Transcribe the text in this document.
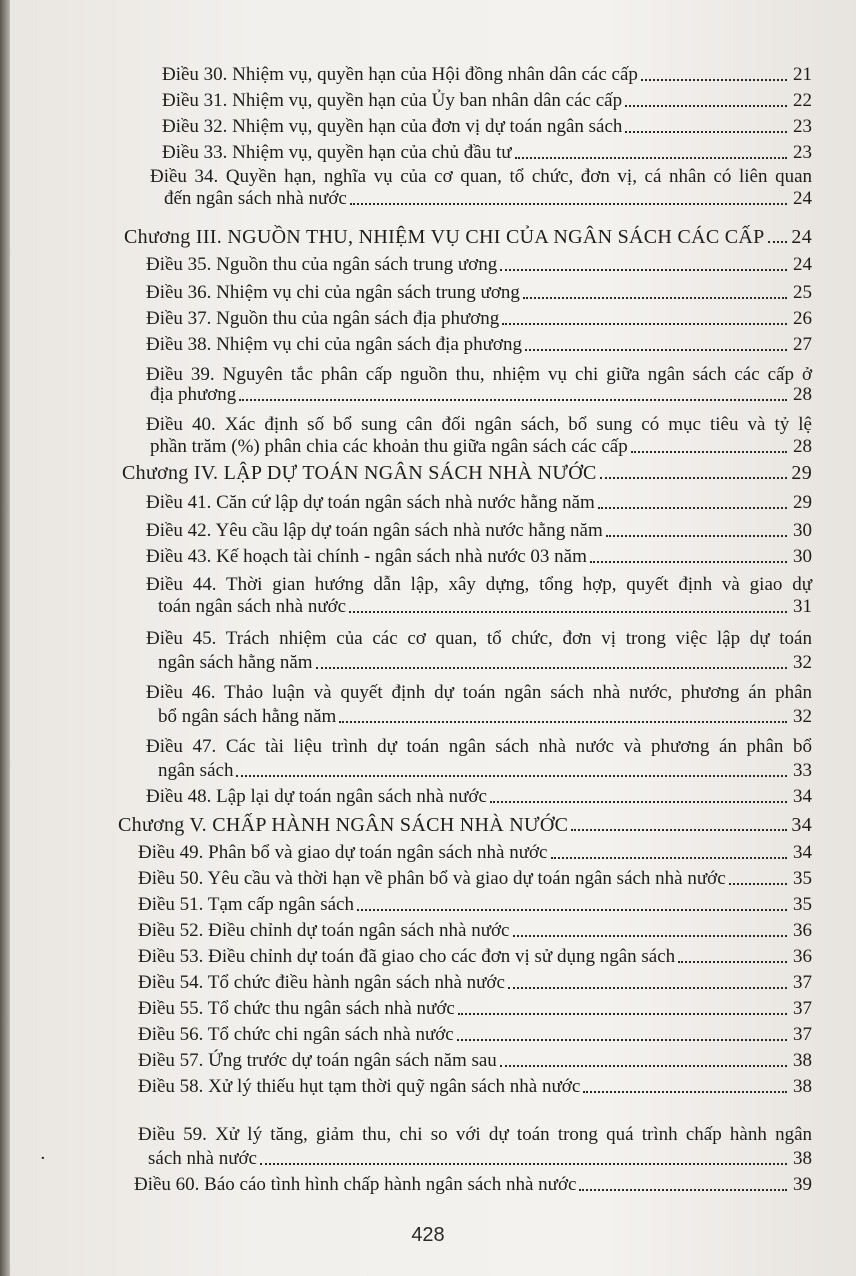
·
Điều 30. Nhiệm vụ, quyền hạn của Hội đồng nhân dân các cấp	21
Điều 31. Nhiệm vụ, quyền hạn của Ủy ban nhân dân các cấp	22
Điều 32. Nhiệm vụ, quyền hạn của đơn vị dự toán ngân sách	23
Điều 33. Nhiệm vụ, quyền hạn của chủ đầu tư	23
Điều 34. Quyền hạn, nghĩa vụ của cơ quan, tổ chức, đơn vị, cá nhân có liên quan
đến ngân sách nhà nước	24
Chương III. NGUỒN THU, NHIỆM VỤ CHI CỦA NGÂN SÁCH CÁC CẤP 24
Điều 35. Nguồn thu của ngân sách trung ương	24
Điều 36. Nhiệm vụ chi của ngân sách trung ương	25
Điều 37. Nguồn thu của ngân sách địa phương	26
Điều 38. Nhiệm vụ chi của ngân sách địa phương	27
Điều 39. Nguyên tắc phân cấp nguồn thu, nhiệm vụ chi giữa ngân sách các cấp ở
địa phương	28
Điều 40. Xác định số bổ sung cân đối ngân sách, bổ sung có mục tiêu và tỷ lệ
phần trăm (%) phân chia các khoản thu giữa ngân sách các cấp	28
Chương IV. LẬP DỰ TOÁN NGÂN SÁCH NHÀ NƯỚC	29
Điều 41. Căn cứ lập dự toán ngân sách nhà nước hằng năm	29
Điều 42. Yêu cầu lập dự toán ngân sách nhà nước hằng năm	30
Điều 43. Kế hoạch tài chính - ngân sách nhà nước 03 năm	30
Điều 44. Thời gian hướng dẫn lập, xây dựng, tổng hợp, quyết định và giao dự
toán ngân sách nhà nước	31
Điều 45. Trách nhiệm của các cơ quan, tổ chức, đơn vị trong việc lập dự toán
ngân sách hằng năm	32
Điều 46. Thảo luận và quyết định dự toán ngân sách nhà nước, phương án phân
bổ ngân sách hằng năm	32
Điều 47. Các tài liệu trình dự toán ngân sách nhà nước và phương án phân bổ
ngân sách	33
Điều 48. Lập lại dự toán ngân sách nhà nước	34
Chương V. CHẤP HÀNH NGÂN SÁCH NHÀ NƯỚC	34
Điều 49. Phân bổ và giao dự toán ngân sách nhà nước	34
Điều 50. Yêu cầu và thời hạn về phân bổ và giao dự toán ngân sách nhà nước	35
Điều 51. Tạm cấp ngân sách	35
Điều 52. Điều chỉnh dự toán ngân sách nhà nước	36
Điều 53. Điều chỉnh dự toán đã giao cho các đơn vị sử dụng ngân sách	36
Điều 54. Tổ chức điều hành ngân sách nhà nước	37
Điều 55. Tổ chức thu ngân sách nhà nước	37
Điều 56. Tổ chức chi ngân sách nhà nước	37
Điều 57. Ứng trước dự toán ngân sách năm sau	38
Điều 58. Xử lý thiếu hụt tạm thời quỹ ngân sách nhà nước	38
Điều 59. Xử lý tăng, giảm thu, chi so với dự toán trong quá trình chấp hành ngân
sách nhà nước	38
Điều 60. Báo cáo tình hình chấp hành ngân sách nhà nước	39
428
